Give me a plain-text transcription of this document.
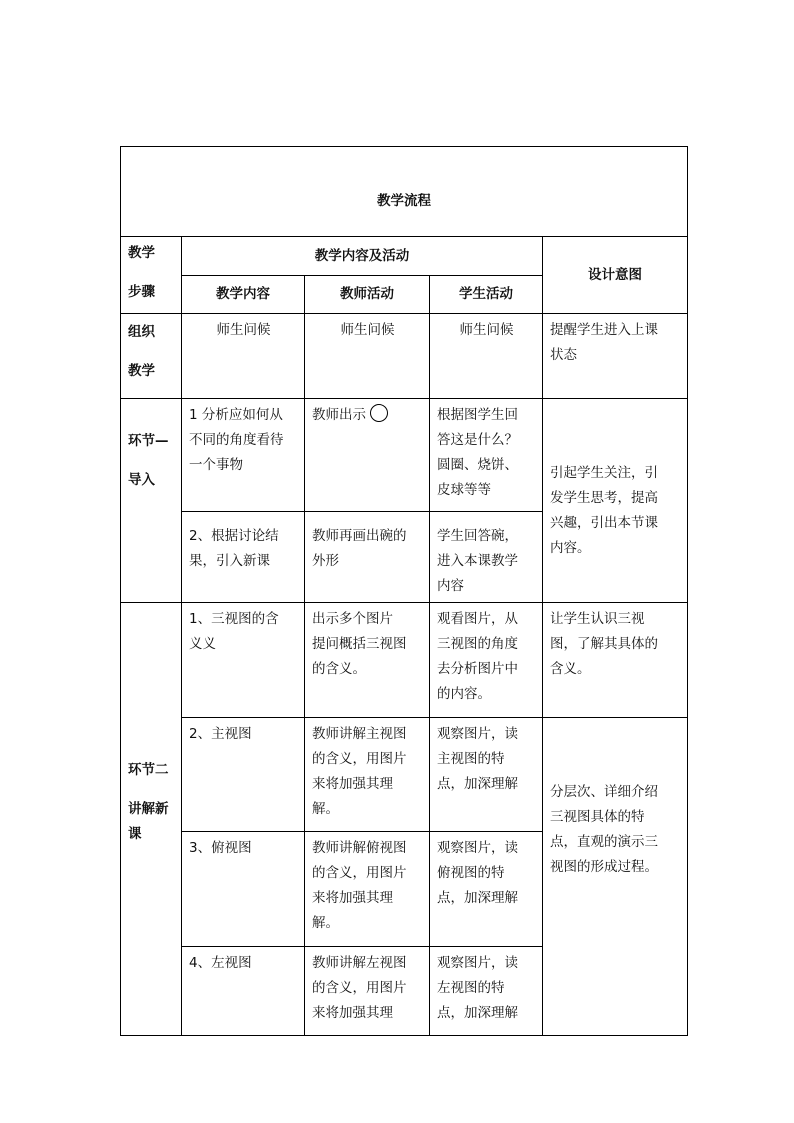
教学流程				

教学
步骤	教学内容及活动			设计意图
	教学内容	教师活动	学生活动	

组织
教学	师生问候	师生问候	师生问候	提醒学生进入上课
状态

环节—
导入	1 分析应如何从
不同的角度看待
一个事物	教师出示	根据图学生回
答这是什么？
圆圈、烧饼、
皮球等等	引起学生关注，引
发学生思考，提高
兴趣，引出本节课
内容。

	2、根据讨论结
果，引入新课	教师再画出碗的
外形	学生回答碗，
进入本课教学
内容	

环节二
讲解新
课	1、三视图的含
义义	出示多个图片
提问概括三视图
的含义。	观看图片，从
三视图的角度
去分析图片中
的内容。	让学生认识三视
图，了解其具体的
含义。

	2、主视图	教师讲解主视图
的含义，用图片
来将加强其理
解。	观察图片，读
主视图的特
点，加深理解	分层次、详细介绍
三视图具体的特
点，直观的演示三
视图的形成过程。

	3、俯视图	教师讲解俯视图
的含义，用图片
来将加强其理
解。	观察图片，读
俯视图的特
点，加深理解	

	4、左视图	教师讲解左视图
的含义，用图片
来将加强其理	观察图片，读
左视图的特
点，加深理解	
